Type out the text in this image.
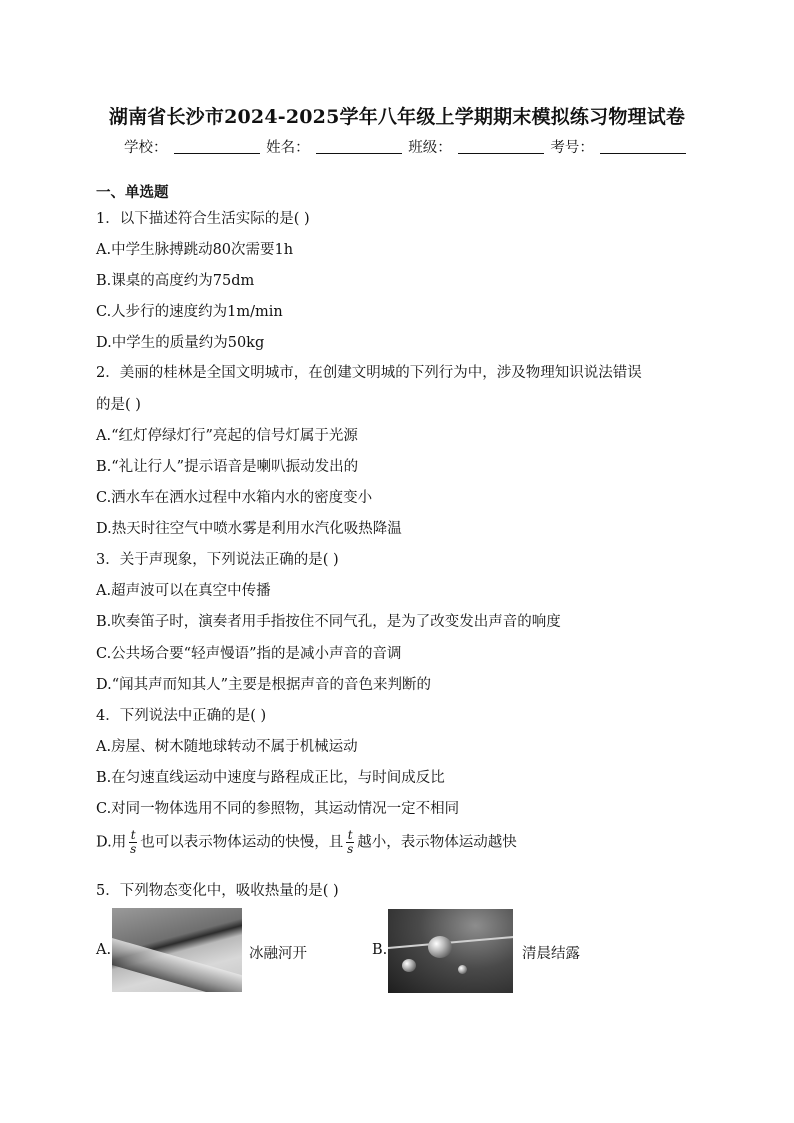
湖南省长沙市2024-2025学年八年级上学期期末模拟练习物理试卷
学校：	姓名：	班级：	考号：
一、单选题
1．以下描述符合生活实际的是( )
A.中学生脉搏跳动80次需要1h
B.课桌的高度约为75dm
C.人步行的速度约为1m/min
D.中学生的质量约为50kg
2．美丽的桂林是全国文明城市，在创建文明城的下列行为中，涉及物理知识说法错误
的是( )
A.“红灯停绿灯行”亮起的信号灯属于光源
B.“礼让行人”提示语音是喇叭振动发出的
C.洒水车在洒水过程中水箱内水的密度变小
D.热天时往空气中喷水雾是利用水汽化吸热降温
3．关于声现象，下列说法正确的是( )
A.超声波可以在真空中传播
B.吹奏笛子时，演奏者用手指按住不同气孔，是为了改变发出声音的响度
C.公共场合要“轻声慢语”指的是减小声音的音调
D.“闻其声而知其人”主要是根据声音的音色来判断的
4．下列说法中正确的是( )
A.房屋、树木随地球转动不属于机械运动
B.在匀速直线运动中速度与路程成正比，与时间成反比
C.对同一物体选用不同的参照物，其运动情况一定不相同
D.用 $\frac{t}{s}$ 也可以表示物体运动的快慢，且 $\frac{t}{s}$ 越小，表示物体运动越快
5．下列物态变化中，吸收热量的是( )
A.	冰融河开	B.	清晨结露
